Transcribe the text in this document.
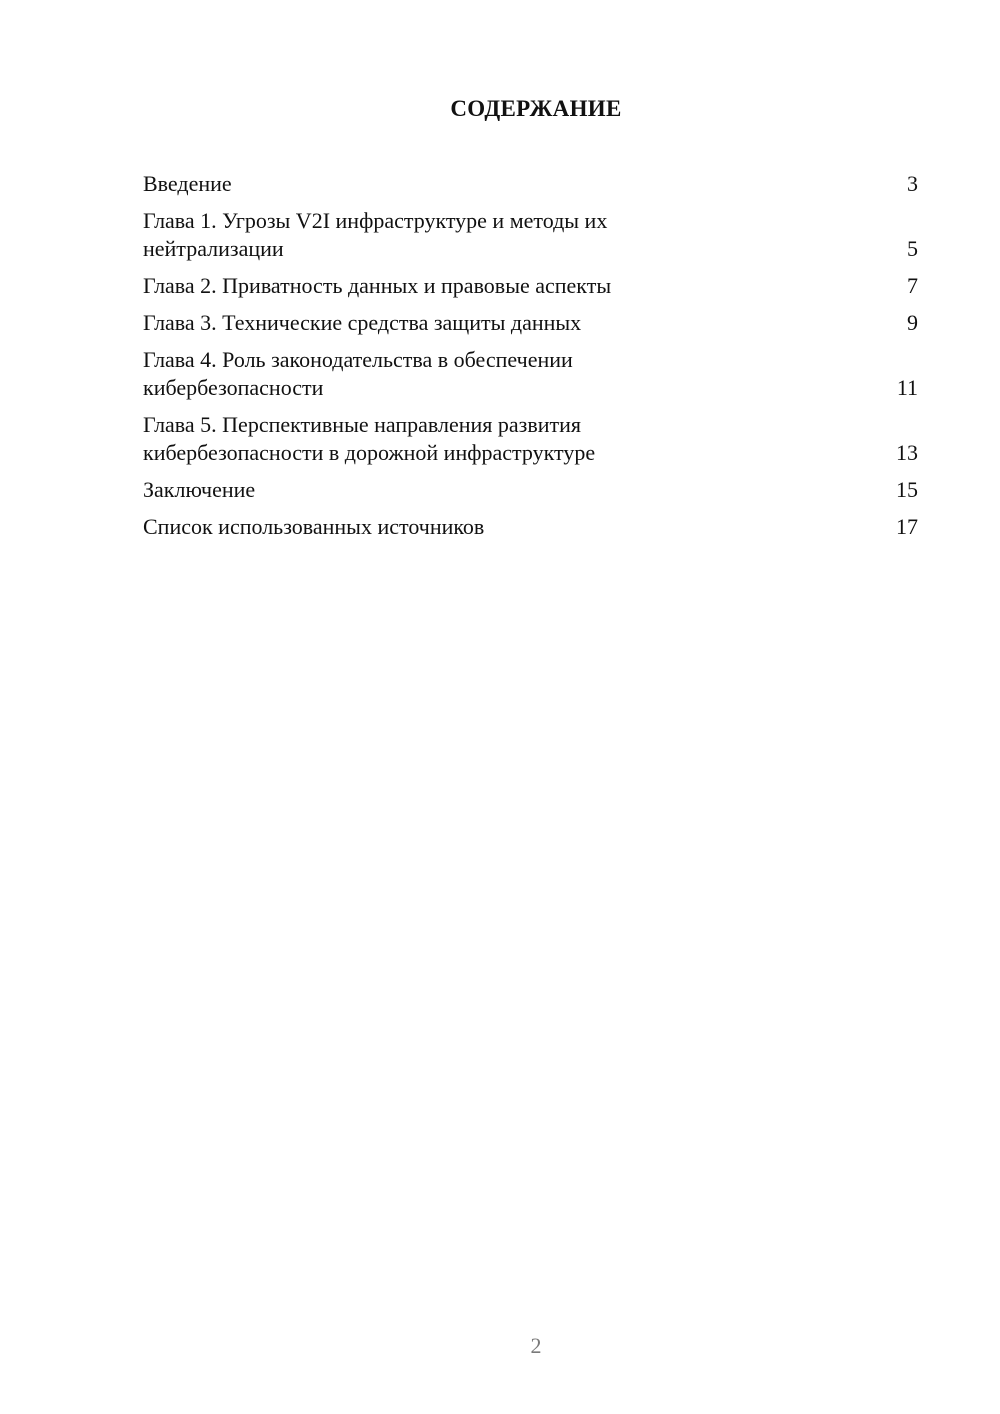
СОДЕРЖАНИЕ
Введение	3
Глава 1. Угрозы V2I инфраструктуре и методы их
нейтрализации	5
Глава 2. Приватность данных и правовые аспекты	7
Глава 3. Технические средства защиты данных	9
Глава 4. Роль законодательства в обеспечении
кибербезопасности	11
Глава 5. Перспективные направления развития
кибербезопасности в дорожной инфраструктуре	13
Заключение	15
Список использованных источников	17
2
